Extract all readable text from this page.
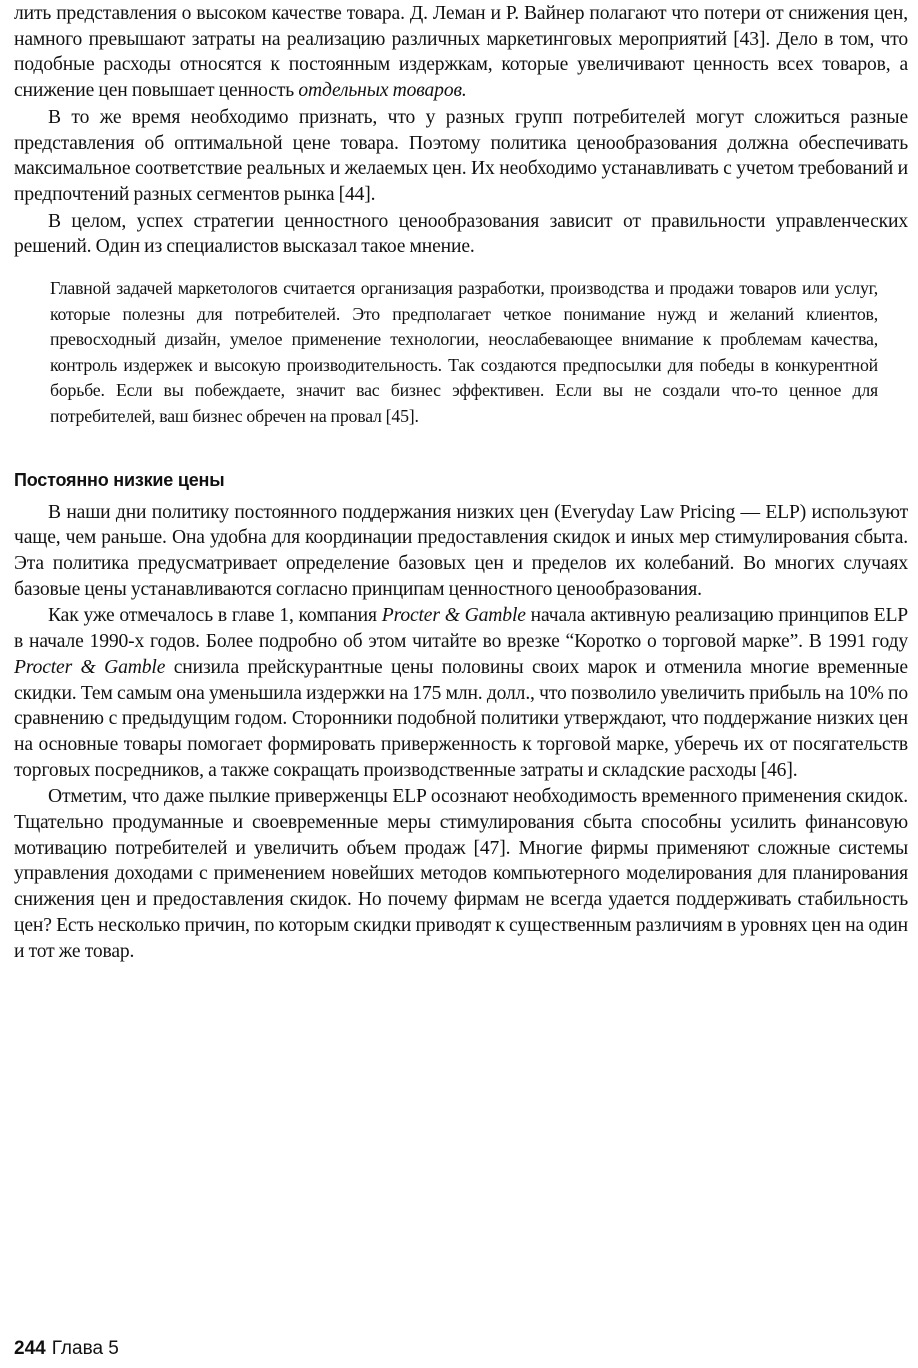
лить представления о высоком качестве товара. Д. Леман и Р. Вайнер полагают что потери от снижения цен, намного превышают затраты на реализацию различных маркетинговых мероприятий [43]. Дело в том, что подобные расходы относятся к постоянным издержкам, которые увеличивают ценность всех товаров, а снижение цен повышает ценность отдельных товаров.

В то же время необходимо признать, что у разных групп потребителей могут сложиться разные представления об оптимальной цене товара. Поэтому политика ценообразования должна обеспечивать максимальное соответствие реальных и желаемых цен. Их необходимо устанавливать с учетом требований и предпочтений разных сегментов рынка [44].

В целом, успех стратегии ценностного ценообразования зависит от правильности управленческих решений. Один из специалистов высказал такое мнение.

Главной задачей маркетологов считается организация разработки, производства и продажи товаров или услуг, которые полезны для потребителей. Это предполагает четкое понимание нужд и желаний клиентов, превосходный дизайн, умелое применение технологии, неослабевающее внимание к проблемам качества, контроль издержек и высокую производительность. Так создаются предпосылки для победы в конкурентной борьбе. Если вы побеждаете, значит вас бизнес эффективен. Если вы не создали что-то ценное для потребителей, ваш бизнес обречен на провал [45].

Постоянно низкие цены

В наши дни политику постоянного поддержания низких цен (Everyday Law Pricing — ELP) используют чаще, чем раньше. Она удобна для координации предоставления скидок и иных мер стимулирования сбыта. Эта политика предусматривает определение базовых цен и пределов их колебаний. Во многих случаях базовые цены устанавливаются согласно принципам ценностного ценообразования.

Как уже отмечалось в главе 1, компания Procter & Gamble начала активную реализацию принципов ELP в начале 1990-х годов. Более подробно об этом читайте во врезке “Коротко о торговой марке”. В 1991 году Procter & Gamble снизила прейскурантные цены половины своих марок и отменила многие временные скидки. Тем самым она уменьшила издержки на 175 млн. долл., что позволило увеличить прибыль на 10% по сравнению с предыдущим годом. Сторонники подобной политики утверждают, что поддержание низких цен на основные товары помогает формировать приверженность к торговой марке, уберечь их от посягательств торговых посредников, а также сокращать производственные затраты и складские расходы [46].

Отметим, что даже пылкие приверженцы ELP осознают необходимость временного применения скидок. Тщательно продуманные и своевременные меры стимулирования сбыта способны усилить финансовую мотивацию потребителей и увеличить объем продаж [47]. Многие фирмы применяют сложные системы управления доходами с применением новейших методов компьютерного моделирования для планирования снижения цен и предоставления скидок. Но почему фирмам не всегда удается поддерживать стабильность цен? Есть несколько причин, по которым скидки приводят к существенным различиям в уровнях цен на один и тот же товар.

244 Глава 5
